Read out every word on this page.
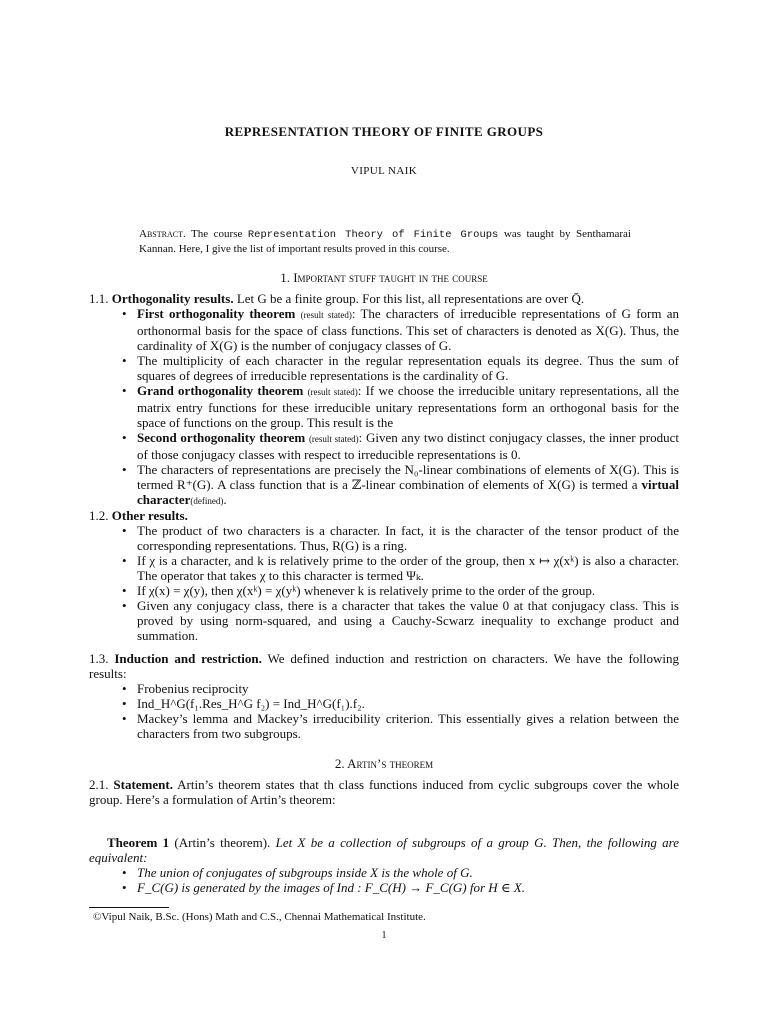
REPRESENTATION THEORY OF FINITE GROUPS
VIPUL NAIK
Abstract. The course Representation Theory of Finite Groups was taught by Senthamarai Kannan. Here, I give the list of important results proved in this course.
1. Important stuff taught in the course
1.1. Orthogonality results. Let G be a finite group. For this list, all representations are over Q̄.
• First orthogonality theorem (result stated): The characters of irreducible representations of G form an orthonormal basis for the space of class functions. This set of characters is denoted as X(G). Thus, the cardinality of X(G) is the number of conjugacy classes of G.
• The multiplicity of each character in the regular representation equals its degree. Thus the sum of squares of degrees of irreducible representations is the cardinality of G.
• Grand orthogonality theorem (result stated): If we choose the irreducible unitary representations, all the matrix entry functions for these irreducible unitary representations form an orthogonal basis for the space of functions on the group. This result is the
• Second orthogonality theorem (result stated): Given any two distinct conjugacy classes, the inner product of those conjugacy classes with respect to irreducible representations is 0.
• The characters of representations are precisely the N₀-linear combinations of elements of X(G). This is termed R⁺(G). A class function that is a ℤ-linear combination of elements of X(G) is termed a virtual character(defined).
1.2. Other results.
• The product of two characters is a character. In fact, it is the character of the tensor product of the corresponding representations. Thus, R(G) is a ring.
• If χ is a character, and k is relatively prime to the order of the group, then x ↦ χ(xᵏ) is also a character. The operator that takes χ to this character is termed Ψₖ.
• If χ(x) = χ(y), then χ(xᵏ) = χ(yᵏ) whenever k is relatively prime to the order of the group.
• Given any conjugacy class, there is a character that takes the value 0 at that conjugacy class. This is proved by using norm-squared, and using a Cauchy-Scwarz inequality to exchange product and summation.
1.3. Induction and restriction. We defined induction and restriction on characters. We have the following results:
• Frobenius reciprocity
• Ind_H^G(f₁.Res_H^G f₂) = Ind_H^G(f₁).f₂.
• Mackey’s lemma and Mackey’s irreducibility criterion. This essentially gives a relation between the characters from two subgroups.
2. Artin’s theorem
2.1. Statement. Artin’s theorem states that th class functions induced from cyclic subgroups cover the whole group. Here’s a formulation of Artin’s theorem:
Theorem 1 (Artin’s theorem). Let X be a collection of subgroups of a group G. Then, the following are equivalent:
• The union of conjugates of subgroups inside X is the whole of G.
• F_C(G) is generated by the images of Ind : F_C(H) → F_C(G) for H ∈ X.
©Vipul Naik, B.Sc. (Hons) Math and C.S., Chennai Mathematical Institute.
1
